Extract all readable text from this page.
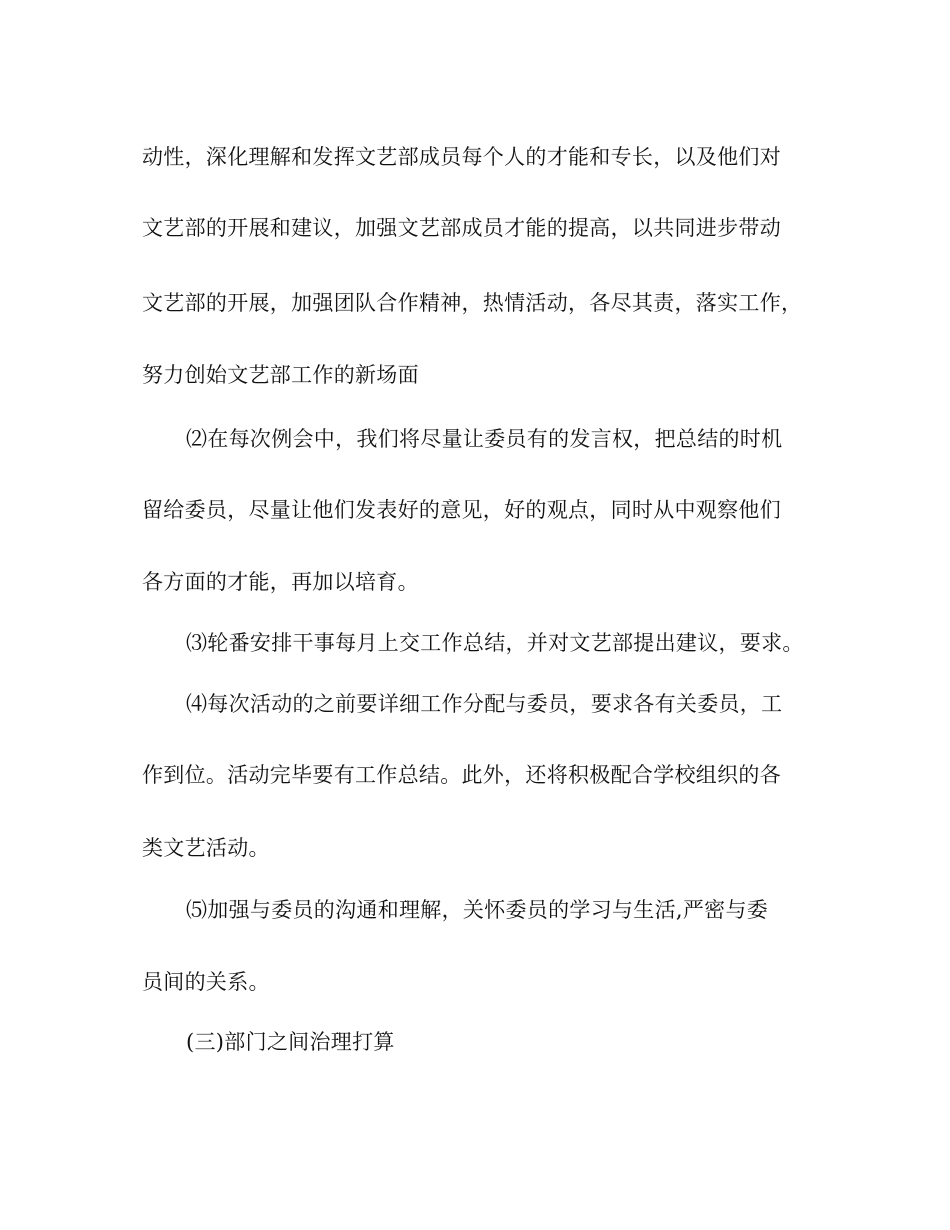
动性，深化理解和发挥文艺部成员每个人的才能和专长，以及他们对
文艺部的开展和建议，加强文艺部成员才能的提高，以共同进步带动
文艺部的开展，加强团队合作精神，热情活动，各尽其责，落实工作，
努力创始文艺部工作的新场面
⑵在每次例会中，我们将尽量让委员有的发言权，把总结的时机
留给委员，尽量让他们发表好的意见，好的观点，同时从中观察他们
各方面的才能，再加以培育。
⑶轮番安排干事每月上交工作总结，并对文艺部提出建议，要求。
⑷每次活动的之前要详细工作分配与委员，要求各有关委员，工
作到位。活动完毕要有工作总结。此外，还将积极配合学校组织的各
类文艺活动。
⑸加强与委员的沟通和理解，关怀委员的学习与生活,严密与委
员间的关系。
(三)部门之间治理打算
